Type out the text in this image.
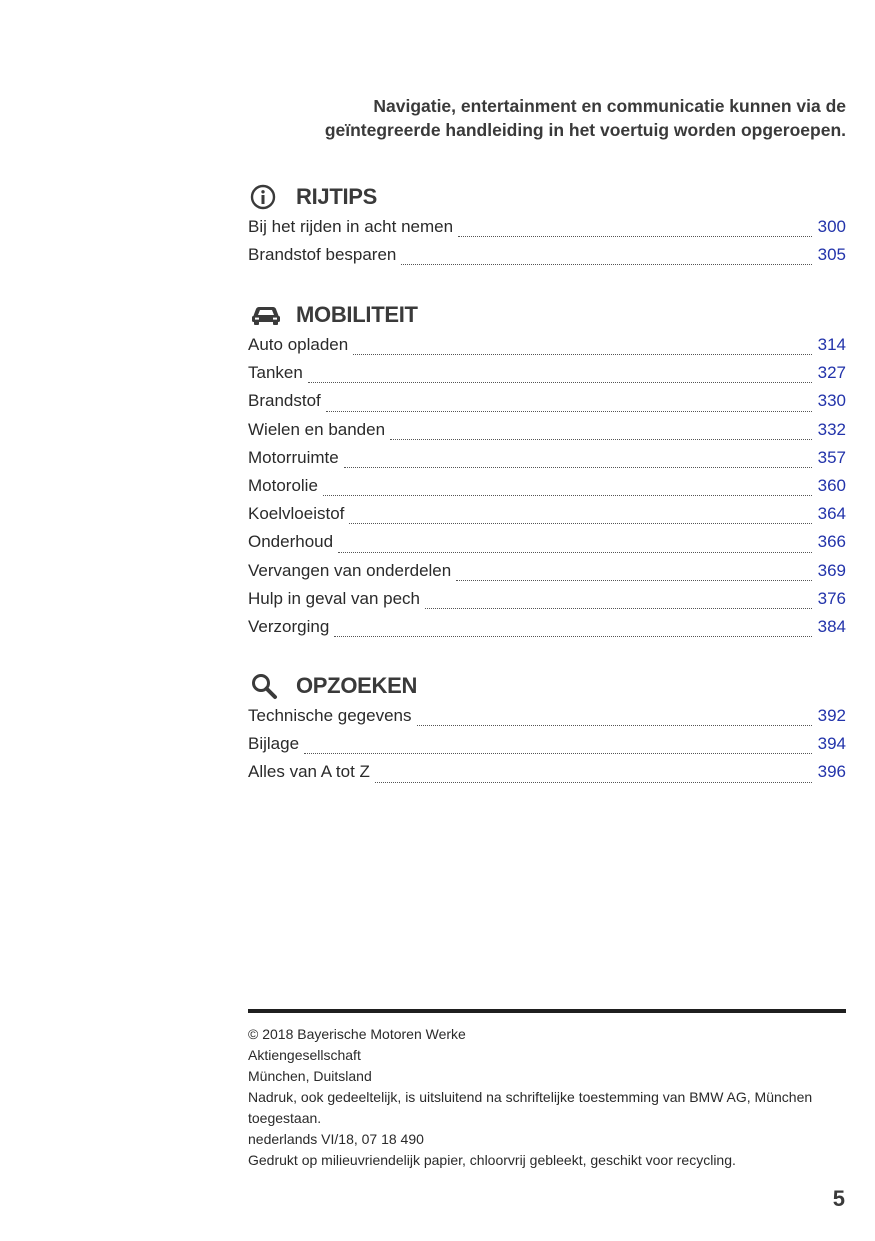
Navigatie, entertainment en communicatie kunnen via de
geïntegreerde handleiding in het voertuig worden opgeroepen.
RIJTIPS
Bij het rijden in acht nemen	300
Brandstof besparen	305
MOBILITEIT
Auto opladen	314
Tanken	327
Brandstof	330
Wielen en banden	332
Motorruimte	357
Motorolie	360
Koelvloeistof	364
Onderhoud	366
Vervangen van onderdelen	369
Hulp in geval van pech	376
Verzorging	384
OPZOEKEN
Technische gegevens	392
Bijlage	394
Alles van A tot Z	396
© 2018 Bayerische Motoren Werke
Aktiengesellschaft
München, Duitsland
Nadruk, ook gedeeltelijk, is uitsluitend na schriftelijke toestemming van BMW AG, München
toegestaan.
nederlands VI/18, 07 18 490
Gedrukt op milieuvriendelijk papier, chloorvrij gebleekt, geschikt voor recycling.
5
